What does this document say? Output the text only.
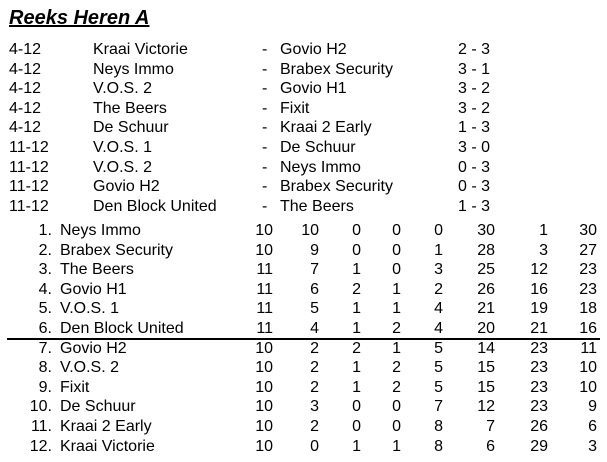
Reeks Heren A
4-12	Kraai Victorie	- Govio H2	2 - 3
4-12	Neys Immo	- Brabex Security	3 - 1
4-12	V.O.S. 2	- Govio H1	3 - 2
4-12	The Beers	- Fixit	3 - 2
4-12	De Schuur	- Kraai 2 Early	1 - 3
11-12	V.O.S. 1	- De Schuur	3 - 0
11-12	V.O.S. 2	- Neys Immo	0 - 3
11-12	Govio H2	- Brabex Security	0 - 3
11-12	Den Block United	- The Beers	1 - 3
1. Neys Immo	10 10 0 0 0 30	1 30
2. Brabex Security	10 9 0 0 1 28	3 27
3. The Beers	11 7 1 0 3 25 12 23
4. Govio H1	11 6 2 1 2 26 16 23
5. V.O.S. 1	11 5 1 1 4 21 19 18
6. Den Block United	11 4 1 2 4 20 21 16
7. Govio H2	10 2 2 1 5 14 23 11
8. V.O.S. 2	10 2 1 2 5 15 23 10
9. Fixit	10 2 1 2 5 15 23 10
10. De Schuur	10 3 0 0 7 12 23	9
11. Kraai 2 Early	10 2 0 0 8	7 26	6
12. Kraai Victorie	10 0 1 1 8	6 29	3
